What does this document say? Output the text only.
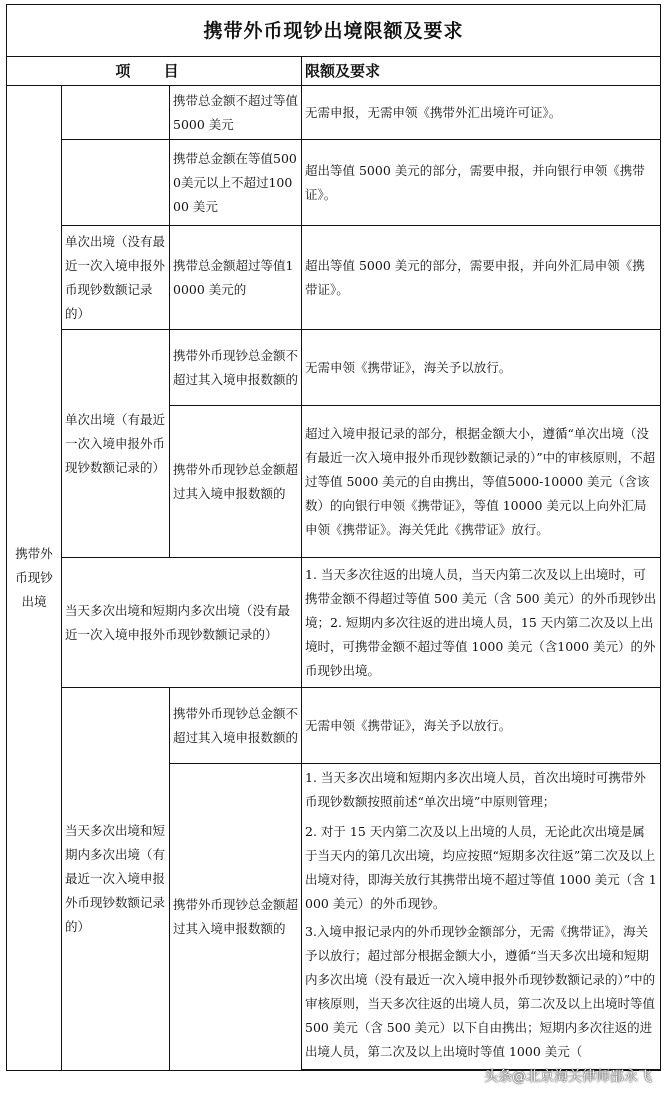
携带外币现钞出境限额及要求			
项 目			限额及要求
携带外币现钞出境		携带总金额不超过等值 5000 美元	无需申报，无需申领《携带外汇出境许可证》。
		携带总金额在等值5000美元以上不超过10000 美元	超出等值 5000 美元的部分，需要申报，并向银行申领《携带证》。
	单次出境（没有最近一次入境申报外币现钞数额记录的）	携带总金额超过等值10000 美元的	超出等值 5000 美元的部分，需要申报，并向外汇局申领《携带证》。
	单次出境（有最近一次入境申报外币现钞数额记录的）	携带外币现钞总金额不超过其入境申报数额的	无需申领《携带证》，海关予以放行。
		携带外币现钞总金额超过其入境申报数额的	超过入境申报记录的部分，根据金额大小，遵循“单次出境（没有最近一次入境申报外币现钞数额记录的）”中的审核原则，不超过等值 5000 美元的自由携出，等值5000-10000 美元（含该数）的向银行申领《携带证》，等值 10000 美元以上向外汇局申领《携带证》。海关凭此《携带证》放行。
	当天多次出境和短期内多次出境（没有最近一次入境申报外币现钞数额记录的）		1. 当天多次往返的出境人员，当天内第二次及以上出境时，可携带金额不得超过等值 500 美元（含 500 美元）的外币现钞出境；2. 短期内多次往返的进出境人员，15 天内第二次及以上出境时，可携带金额不超过等值 1000 美元（含1000 美元）的外币现钞出境。
	当天多次出境和短期内多次出境（有最近一次入境申报外币现钞数额记录的）	携带外币现钞总金额不超过其入境申报数额的	无需申领《携带证》，海关予以放行。
		携带外币现钞总金额超过其入境申报数额的	1. 当天多次出境和短期内多次出境人员，首次出境时可携带外币现钞数额按照前述“单次出境”中原则管理；
			2. 对于 15 天内第二次及以上出境的人员，无论此次出境是属于当天内的第几次出境，均应按照“短期多次往返”第二次及以上出境对待，即海关放行其携带出境不超过等值 1000 美元（含 1000 美元）的外币现钞。
			3.入境申报记录内的外币现钞金额部分，无需《携带证》，海关予以放行；超过部分根据金额大小，遵循“当天多次出境和短期内多次出境（没有最近一次入境申报外币现钞数额记录的）”中的审核原则，当天多次往返的出境人员，第二次及以上出境时等值 500 美元（含 500 美元）以下自由携出；短期内多次往返的进出境人员，第二次及以上出境时等值 1000 美元（

头条@北京海关律师邵永飞
